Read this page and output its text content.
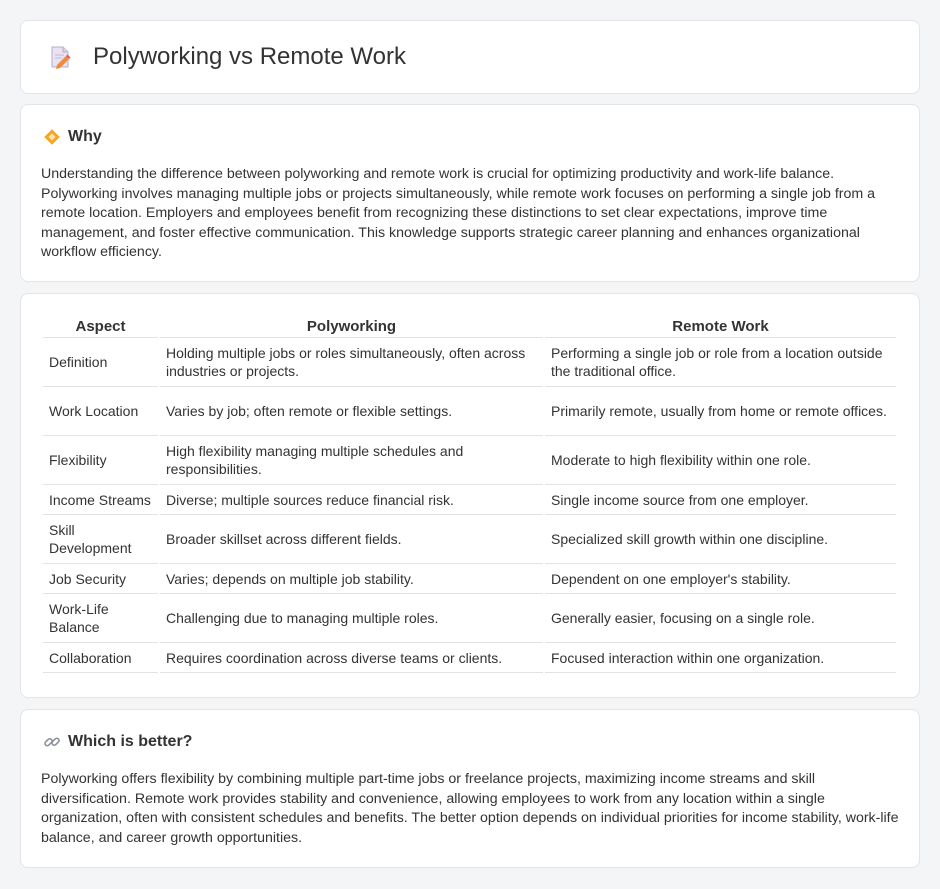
Polyworking vs Remote Work
Why

Understanding the difference between polyworking and remote work is crucial for optimizing productivity and work-life balance. Polyworking involves managing multiple jobs or projects simultaneously, while remote work focuses on performing a single job from a remote location. Employers and employees benefit from recognizing these distinctions to set clear expectations, improve time management, and foster effective communication. This knowledge supports strategic career planning and enhances organizational workflow efficiency.

Aspect	Polyworking	Remote Work
Definition	Holding multiple jobs or roles simultaneously, often across industries or projects.	Performing a single job or role from a location outside the traditional office.
Work Location	Varies by job; often remote or flexible settings.	Primarily remote, usually from home or remote offices.
Flexibility	High flexibility managing multiple schedules and responsibilities.	Moderate to high flexibility within one role.
Income Streams	Diverse; multiple sources reduce financial risk.	Single income source from one employer.
Skill Development	Broader skillset across different fields.	Specialized skill growth within one discipline.
Job Security	Varies; depends on multiple job stability.	Dependent on one employer's stability.
Work-Life Balance	Challenging due to managing multiple roles.	Generally easier, focusing on a single role.
Collaboration	Requires coordination across diverse teams or clients.	Focused interaction within one organization.
Which is better?

Polyworking offers flexibility by combining multiple part-time jobs or freelance projects, maximizing income streams and skill diversification. Remote work provides stability and convenience, allowing employees to work from any location within a single organization, often with consistent schedules and benefits. The better option depends on individual priorities for income stability, work-life balance, and career growth opportunities.
